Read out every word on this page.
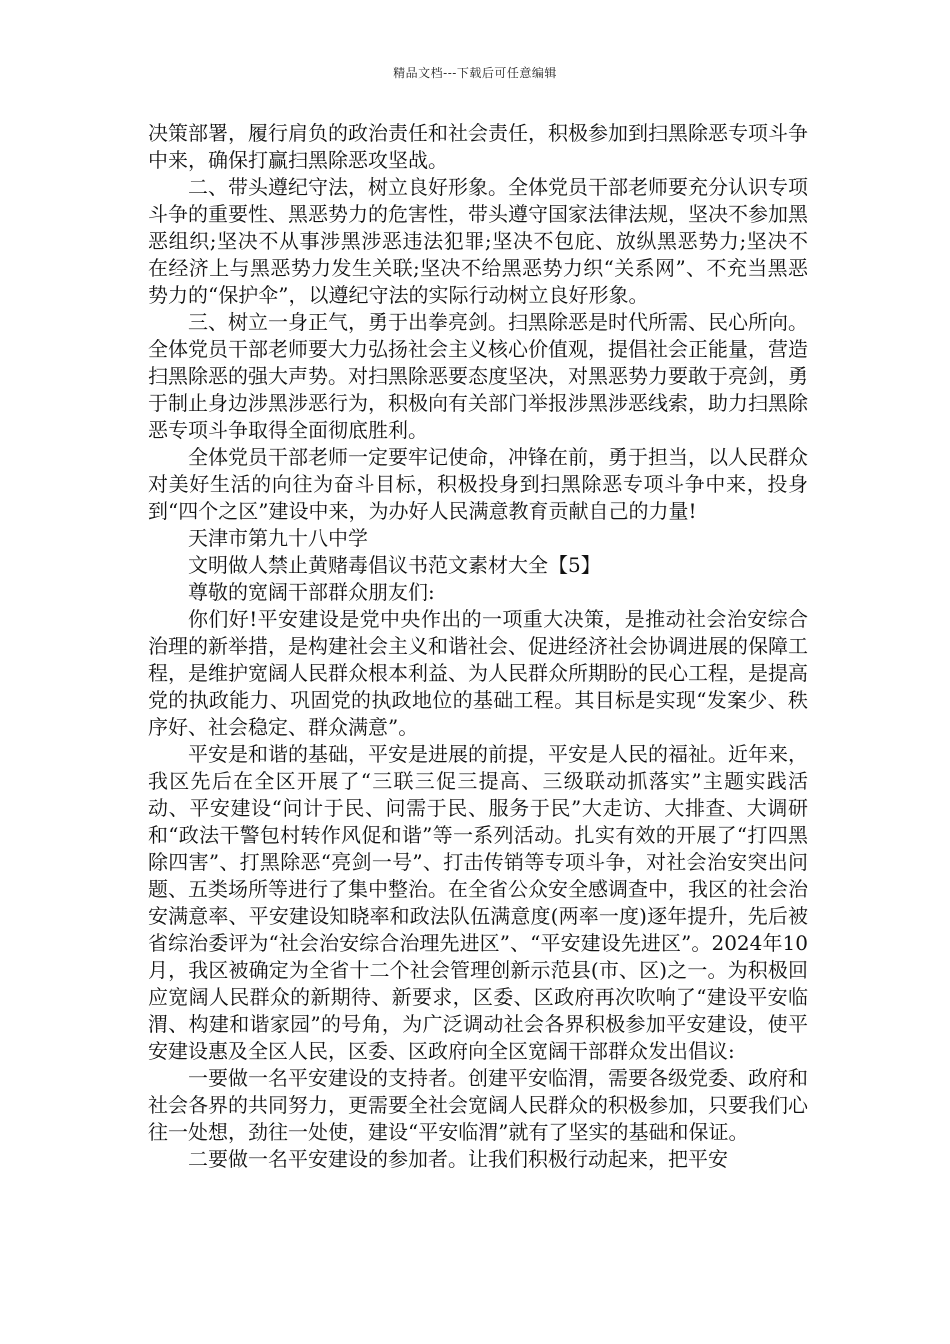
精品文档---下载后可任意编辑

决策部署，履行肩负的政治责任和社会责任，积极参加到扫黑除恶专项斗争中来，确保打赢扫黑除恶攻坚战。

二、带头遵纪守法，树立良好形象。全体党员干部老师要充分认识专项斗争的重要性、黑恶势力的危害性，带头遵守国家法律法规，坚决不参加黑恶组织;坚决不从事涉黑涉恶违法犯罪;坚决不包庇、放纵黑恶势力;坚决不在经济上与黑恶势力发生关联;坚决不给黑恶势力织“关系网”、不充当黑恶势力的“保护伞”，以遵纪守法的实际行动树立良好形象。

三、树立一身正气，勇于出拳亮剑。扫黑除恶是时代所需、民心所向。全体党员干部老师要大力弘扬社会主义核心价值观，提倡社会正能量，营造扫黑除恶的强大声势。对扫黑除恶要态度坚决，对黑恶势力要敢于亮剑，勇于制止身边涉黑涉恶行为，积极向有关部门举报涉黑涉恶线索，助力扫黑除恶专项斗争取得全面彻底胜利。

全体党员干部老师一定要牢记使命，冲锋在前，勇于担当，以人民群众对美好生活的向往为奋斗目标，积极投身到扫黑除恶专项斗争中来，投身到“四个之区”建设中来，为办好人民满意教育贡献自己的力量!

天津市第九十八中学

文明做人禁止黄赌毒倡议书范文素材大全【5】

尊敬的宽阔干部群众朋友们:

你们好!平安建设是党中央作出的一项重大决策，是推动社会治安综合治理的新举措，是构建社会主义和谐社会、促进经济社会协调进展的保障工程，是维护宽阔人民群众根本利益、为人民群众所期盼的民心工程，是提高党的执政能力、巩固党的执政地位的基础工程。其目标是实现“发案少、秩序好、社会稳定、群众满意”。

平安是和谐的基础，平安是进展的前提，平安是人民的福祉。近年来，我区先后在全区开展了“三联三促三提高、三级联动抓落实”主题实践活动、平安建设“问计于民、问需于民、服务于民”大走访、大排查、大调研和“政法干警包村转作风促和谐”等一系列活动。扎实有效的开展了“打四黑除四害”、打黑除恶“亮剑一号”、打击传销等专项斗争，对社会治安突出问题、五类场所等进行了集中整治。在全省公众安全感调查中，我区的社会治安满意率、平安建设知晓率和政法队伍满意度(两率一度)逐年提升，先后被省综治委评为“社会治安综合治理先进区”、“平安建设先进区”。2024年10月，我区被确定为全省十二个社会管理创新示范县(市、区)之一。为积极回应宽阔人民群众的新期待、新要求，区委、区政府再次吹响了“建设平安临渭、构建和谐家园”的号角，为广泛调动社会各界积极参加平安建设，使平安建设惠及全区人民，区委、区政府向全区宽阔干部群众发出倡议:

一要做一名平安建设的支持者。创建平安临渭，需要各级党委、政府和社会各界的共同努力，更需要全社会宽阔人民群众的积极参加，只要我们心往一处想，劲往一处使，建设“平安临渭”就有了坚实的基础和保证。

二要做一名平安建设的参加者。让我们积极行动起来，把平安
